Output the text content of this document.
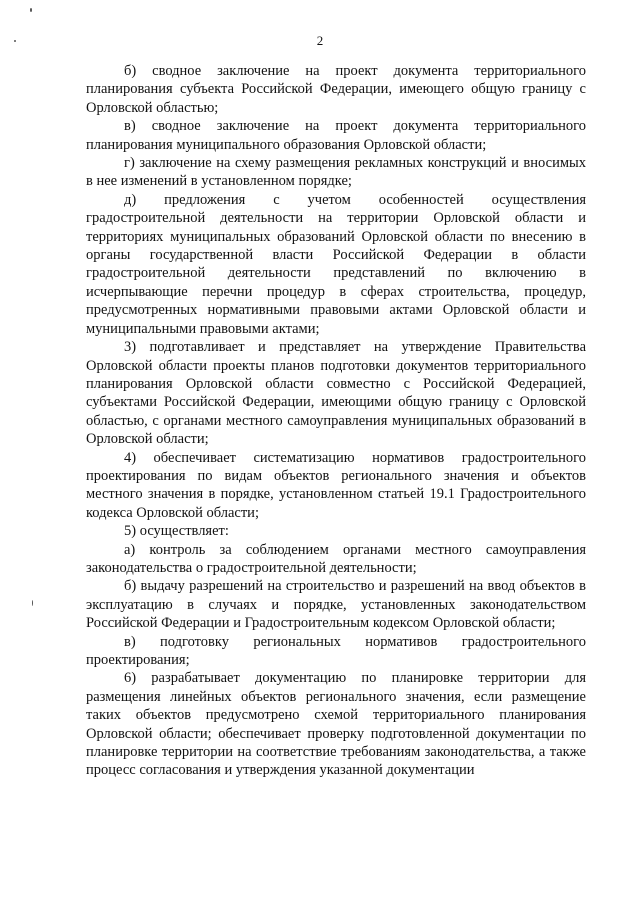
2

б) сводное заключение на проект документа территориального планирования субъекта Российской Федерации, имеющего общую границу с Орловской областью;

в) сводное заключение на проект документа территориального планирования муниципального образования Орловской области;

г) заключение на схему размещения рекламных конструкций и вносимых в нее изменений в установленном порядке;

д) предложения с учетом особенностей осуществления градостроительной деятельности на территории Орловской области и территориях муниципальных образований Орловской области по внесению в органы государственной власти Российской Федерации в области градостроительной деятельности представлений по включению в исчерпывающие перечни процедур в сферах строительства, процедур, предусмотренных нормативными правовыми актами Орловской области и муниципальными правовыми актами;

3) подготавливает и представляет на утверждение Правительства Орловской области проекты планов подготовки документов территориального планирования Орловской области совместно с Российской Федерацией, субъектами Российской Федерации, имеющими общую границу с Орловской областью, с органами местного самоуправления муниципальных образований в Орловской области;

4) обеспечивает систематизацию нормативов градостроительного проектирования по видам объектов регионального значения и объектов местного значения в порядке, установленном статьей 19.1 Градостроительного кодекса Орловской области;

5) осуществляет:

а) контроль за соблюдением органами местного самоуправления законодательства о градостроительной деятельности;

б) выдачу разрешений на строительство и разрешений на ввод объектов в эксплуатацию в случаях и порядке, установленных законодательством Российской Федерации и Градостроительным кодексом Орловской области;

в) подготовку региональных нормативов градостроительного проектирования;

6) разрабатывает документацию по планировке территории для размещения линейных объектов регионального значения, если размещение таких объектов предусмотрено схемой территориального планирования Орловской области; обеспечивает проверку подготовленной документации по планировке территории на соответствие требованиям законодательства, а также процесс согласования и утверждения указанной документации
